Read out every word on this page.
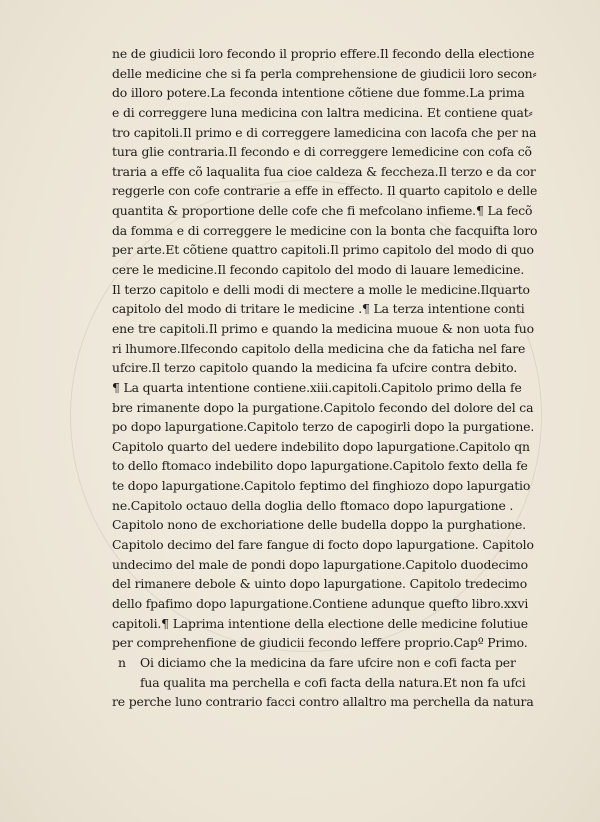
ne de giudicii loro fecondo il proprio effere.Il fecondo della electione
delle medicine che si fa perla comprehensione de giudicii loro secon⸗
do illoro potere.La feconda intentione cõtiene due fomme.La prima
e di correggere luna medicina con laltra medicina. Et contiene quat⸗
tro capitoli.Il primo e di correggere lamedicina con lacofa che per na
tura glie contraria.Il fecondo e di correggere lemedicine con cofa cõ
traria a effe cõ laqualita fua cioe caldeza & feccheza.Il terzo e da cor
reggerle con cofe contrarie a effe in effecto. Il quarto capitolo e delle
quantita & proportione delle cofe che fi mefcolano infieme.¶ La fecõ
da fomma e di correggere le medicine con la bonta che facquifta loro
per arte.Et cõtiene quattro capitoli.Il primo capitolo del modo di quo
cere le medicine.Il fecondo capitolo del modo di lauare lemedicine.
Il terzo capitolo e delli modi di mectere a molle le medicine.Ilquarto
capitolo del modo di tritare le medicine .¶ La terza intentione conti
ene tre capitoli.Il primo e quando la medicina muoue & non uota fuo
ri lhumore.Ilfecondo capitolo della medicina che da faticha nel fare
ufcire.Il terzo capitolo quando la medicina fa ufcire contra debito.
¶ La quarta intentione contiene.xiii.capitoli.Capitolo primo della fe
bre rimanente dopo la purgatione.Capitolo fecondo del dolore del ca
po dopo lapurgatione.Capitolo terzo de capogirli dopo la purgatione.
Capitolo quarto del uedere indebilito dopo lapurgatione.Capitolo qn
to dello ftomaco indebilito dopo lapurgatione.Capitolo fexto della fe
te dopo lapurgatione.Capitolo feptimo del finghiozo dopo lapurgatio
ne.Capitolo octauo della doglia dello ftomaco dopo lapurgatione .
Capitolo nono de exchoriatione delle budella doppo la purghatione.
Capitolo decimo del fare fangue di focto dopo lapurgatione. Capitolo
undecimo del male de pondi dopo lapurgatione.Capitolo duodecimo
del rimanere debole & uinto dopo lapurgatione. Capitolo tredecimo
dello fpafimo dopo lapurgatione.Contiene adunque quefto libro.xxvi
capitoli.¶ Laprima intentione della electione delle medicine folutiue
per comprehenfione de giudicii fecondo leffere proprio.Capº Primo.
n Oi diciamo che la medicina da fare ufcire non e cofi facta per
fua qualita ma perchella e cofi facta della natura.Et non fa ufci
re perche luno contrario facci contro allaltro ma perchella da natura
